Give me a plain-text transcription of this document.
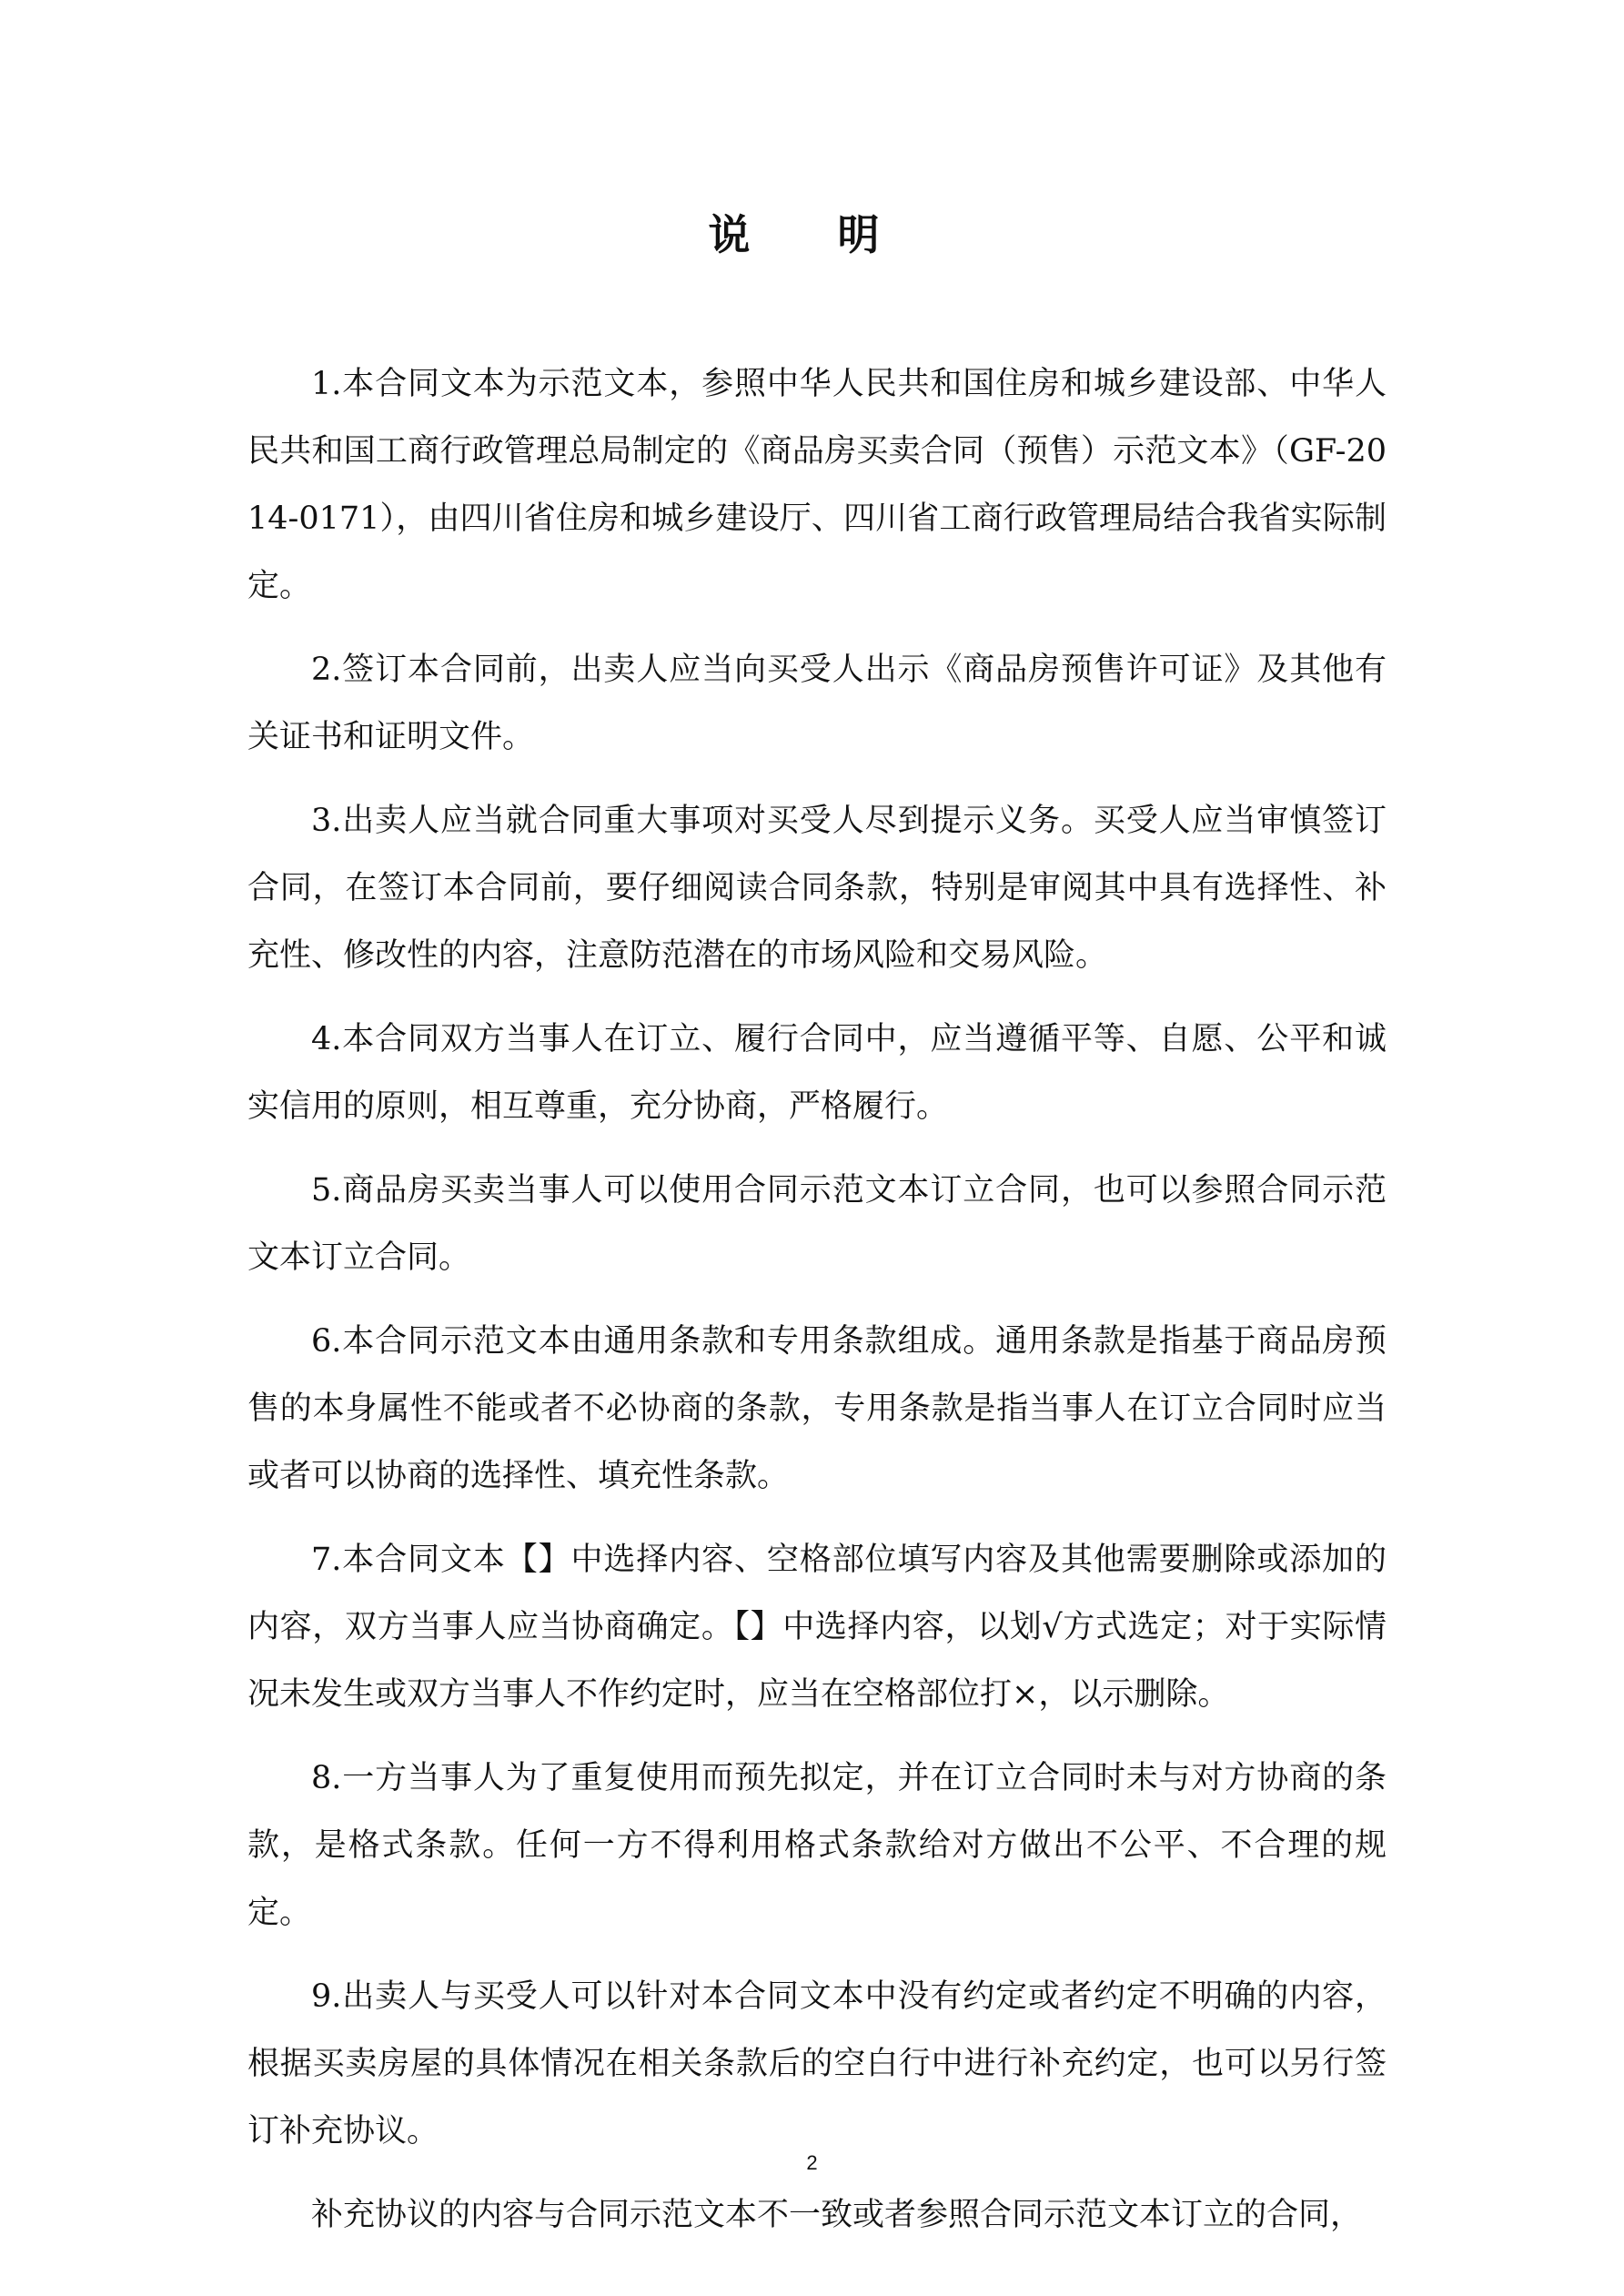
说 明

1.本合同文本为示范文本，参照中华人民共和国住房和城乡建设部、中华人民共和国工商行政管理总局制定的《商品房买卖合同（预售）示范文本》（GF-2014-0171），由四川省住房和城乡建设厅、四川省工商行政管理局结合我省实际制定。

2.签订本合同前，出卖人应当向买受人出示《商品房预售许可证》及其他有关证书和证明文件。

3.出卖人应当就合同重大事项对买受人尽到提示义务。买受人应当审慎签订合同，在签订本合同前，要仔细阅读合同条款，特别是审阅其中具有选择性、补充性、修改性的内容，注意防范潜在的市场风险和交易风险。

4.本合同双方当事人在订立、履行合同中，应当遵循平等、自愿、公平和诚实信用的原则，相互尊重，充分协商，严格履行。

5.商品房买卖当事人可以使用合同示范文本订立合同，也可以参照合同示范文本订立合同。

6.本合同示范文本由通用条款和专用条款组成。通用条款是指基于商品房预售的本身属性不能或者不必协商的条款，专用条款是指当事人在订立合同时应当或者可以协商的选择性、填充性条款。

7.本合同文本【】中选择内容、空格部位填写内容及其他需要删除或添加的内容，双方当事人应当协商确定。【】中选择内容，以划√方式选定；对于实际情况未发生或双方当事人不作约定时，应当在空格部位打×，以示删除。

8.一方当事人为了重复使用而预先拟定，并在订立合同时未与对方协商的条款，是格式条款。任何一方不得利用格式条款给对方做出不公平、不合理的规定。

9.出卖人与买受人可以针对本合同文本中没有约定或者约定不明确的内容，根据买卖房屋的具体情况在相关条款后的空白行中进行补充约定，也可以另行签订补充协议。

补充协议的内容与合同示范文本不一致或者参照合同示范文本订立的合同，

2
